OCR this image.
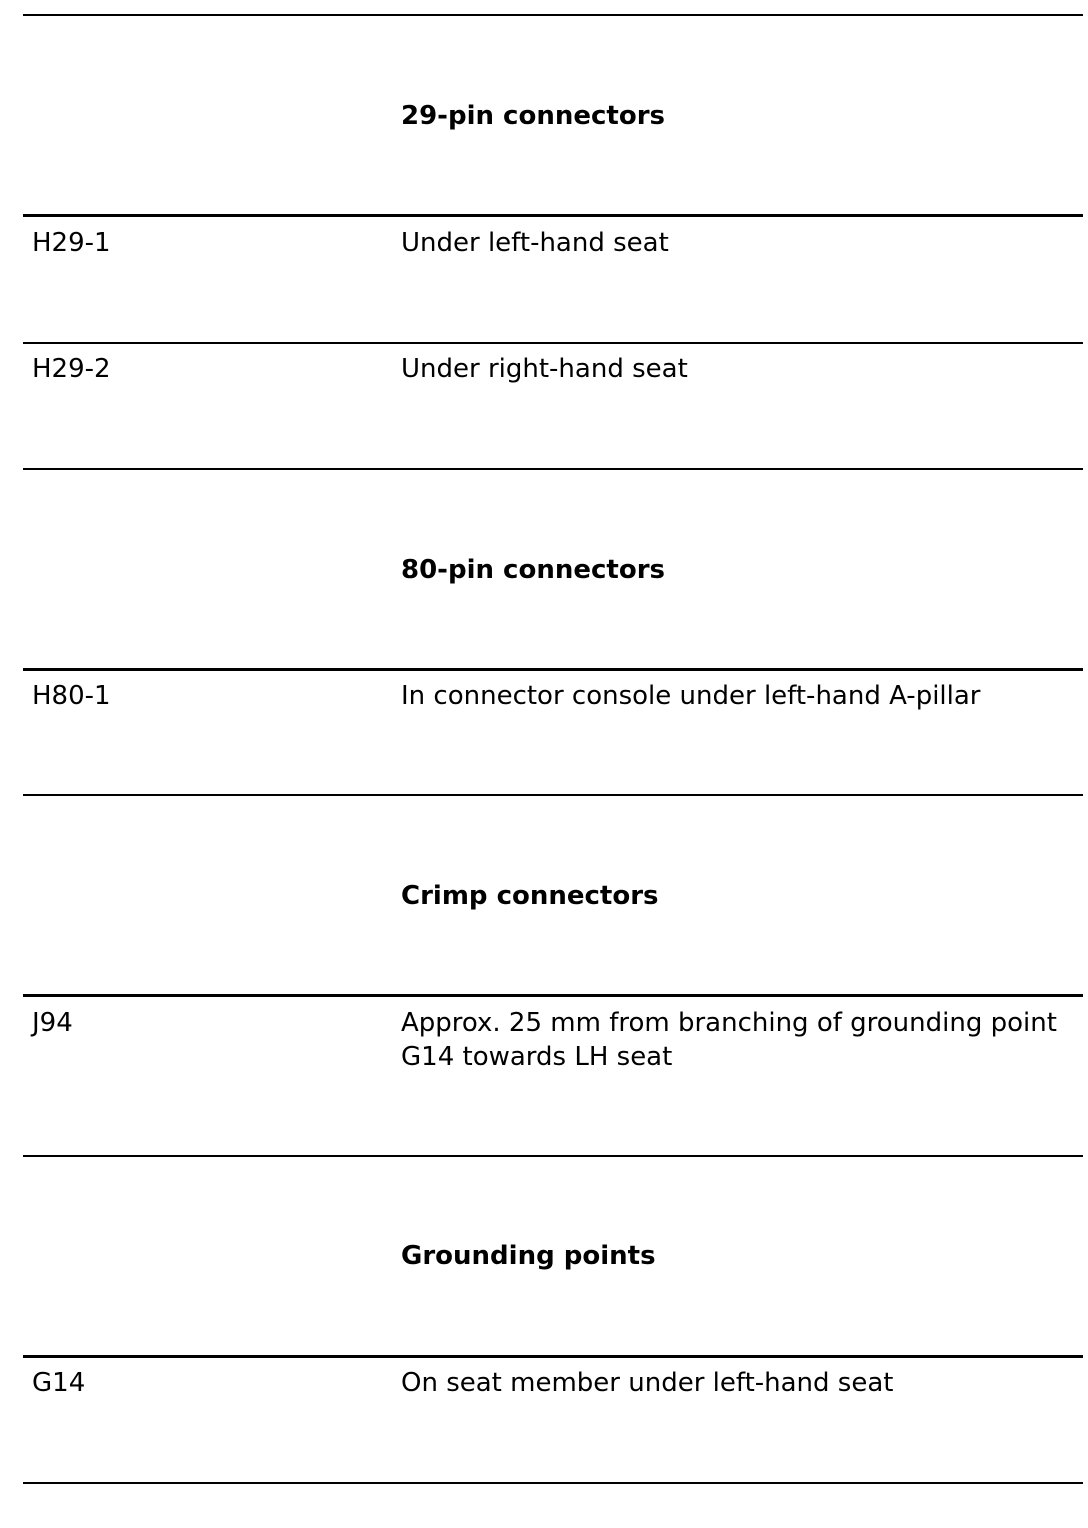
29-pin connectors
H29-1	Under left-hand seat
H29-2	Under right-hand seat
80-pin connectors
H80-1	In connector console under left-hand A-pillar
Crimp connectors
J94	Approx. 25 mm from branching of grounding point G14 towards LH seat
Grounding points
G14	On seat member under left-hand seat
